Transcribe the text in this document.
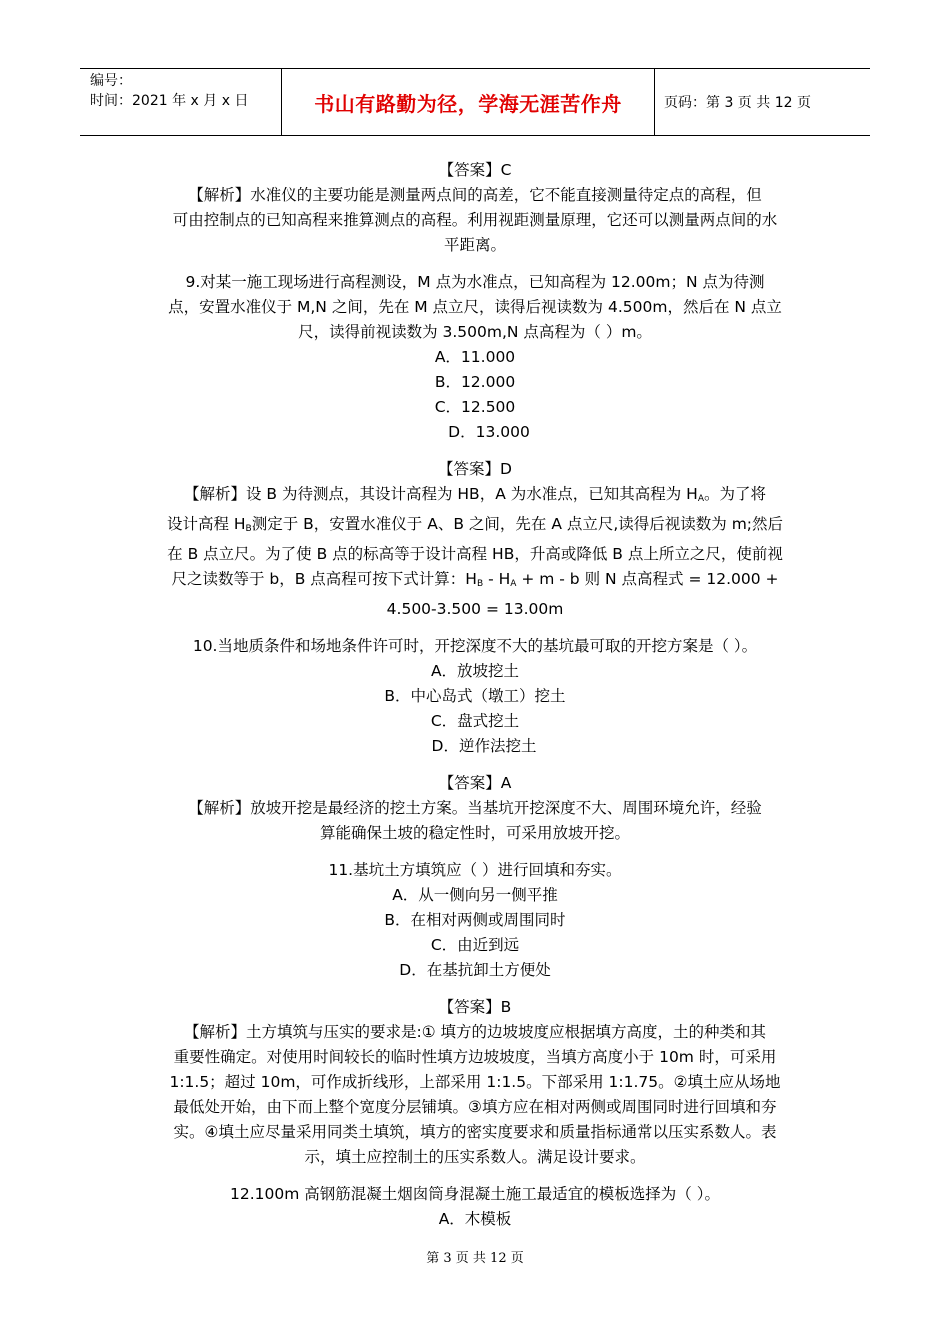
编号：
时间：2021 年 x 月 x 日	书山有路勤为径，学海无涯苦作舟	页码：第 3 页 共 12 页

【答案】C

【解析】水准仪的主要功能是测量两点间的高差，它不能直接测量待定点的高程，但

可由控制点的已知高程来推算测点的高程。利用视距测量原理，它还可以测量两点间的水

平距离。

9.对某一施工现场进行高程测设，M 点为水准点，已知高程为 12.00m；N 点为待测

点，安置水准仪于 M,N 之间，先在 M 点立尺，读得后视读数为 4.500m，然后在 N 点立

尺，读得前视读数为 3.500m,N 点高程为（ ）m。

A．11.000

B．12.000

C．12.500

D．13.000

【答案】D

【解析】设 B 为待测点，其设计高程为 HB，A 为水准点，已知其高程为 $H_A$。为了将

设计高程 $H_B$测定于 B，安置水准仪于 A、B 之间，先在 A 点立尺,读得后视读数为 m;然后

在 B 点立尺。为了使 B 点的标高等于设计高程 HB，升高或降低 B 点上所立之尺，使前视

尺之读数等于 b，B 点高程可按下式计算：$H_B - H_A + m - b$ 则 N 点高程式 = 12.000 +

4.500-3.500 = 13.00m

10.当地质条件和场地条件许可时，开挖深度不大的基坑最可取的开挖方案是（ ）。

A．放坡挖土

B．中心岛式（墩工）挖土

C．盘式挖土

D．逆作法挖土

【答案】A

【解析】放坡开挖是最经济的挖土方案。当基坑开挖深度不大、周围环境允许，经验

算能确保土坡的稳定性时，可采用放坡开挖。

11.基坑土方填筑应（ ）进行回填和夯实。

A．从一侧向另一侧平推

B．在相对两侧或周围同时

C．由近到远

D．在基抗卸土方便处

【答案】B

【解析】土方填筑与压实的要求是:① 填方的边坡坡度应根据填方高度，土的种类和其

重要性确定。对使用时间较长的临时性填方边坡坡度，当填方高度小于 10m 时，可采用

1:1.5；超过 10m，可作成折线形，上部采用 1:1.5。下部采用 1:1.75。②填土应从场地

最低处开始，由下而上整个宽度分层铺填。③填方应在相对两侧或周围同时进行回填和夯

实。④填土应尽量采用同类土填筑，填方的密实度要求和质量指标通常以压实系数人。表

示，填土应控制土的压实系数人。满足设计要求。

12.100m 高钢筋混凝土烟囱筒身混凝土施工最适宜的模板选择为（ ）。

A．木模板

第 3 页 共 12 页
